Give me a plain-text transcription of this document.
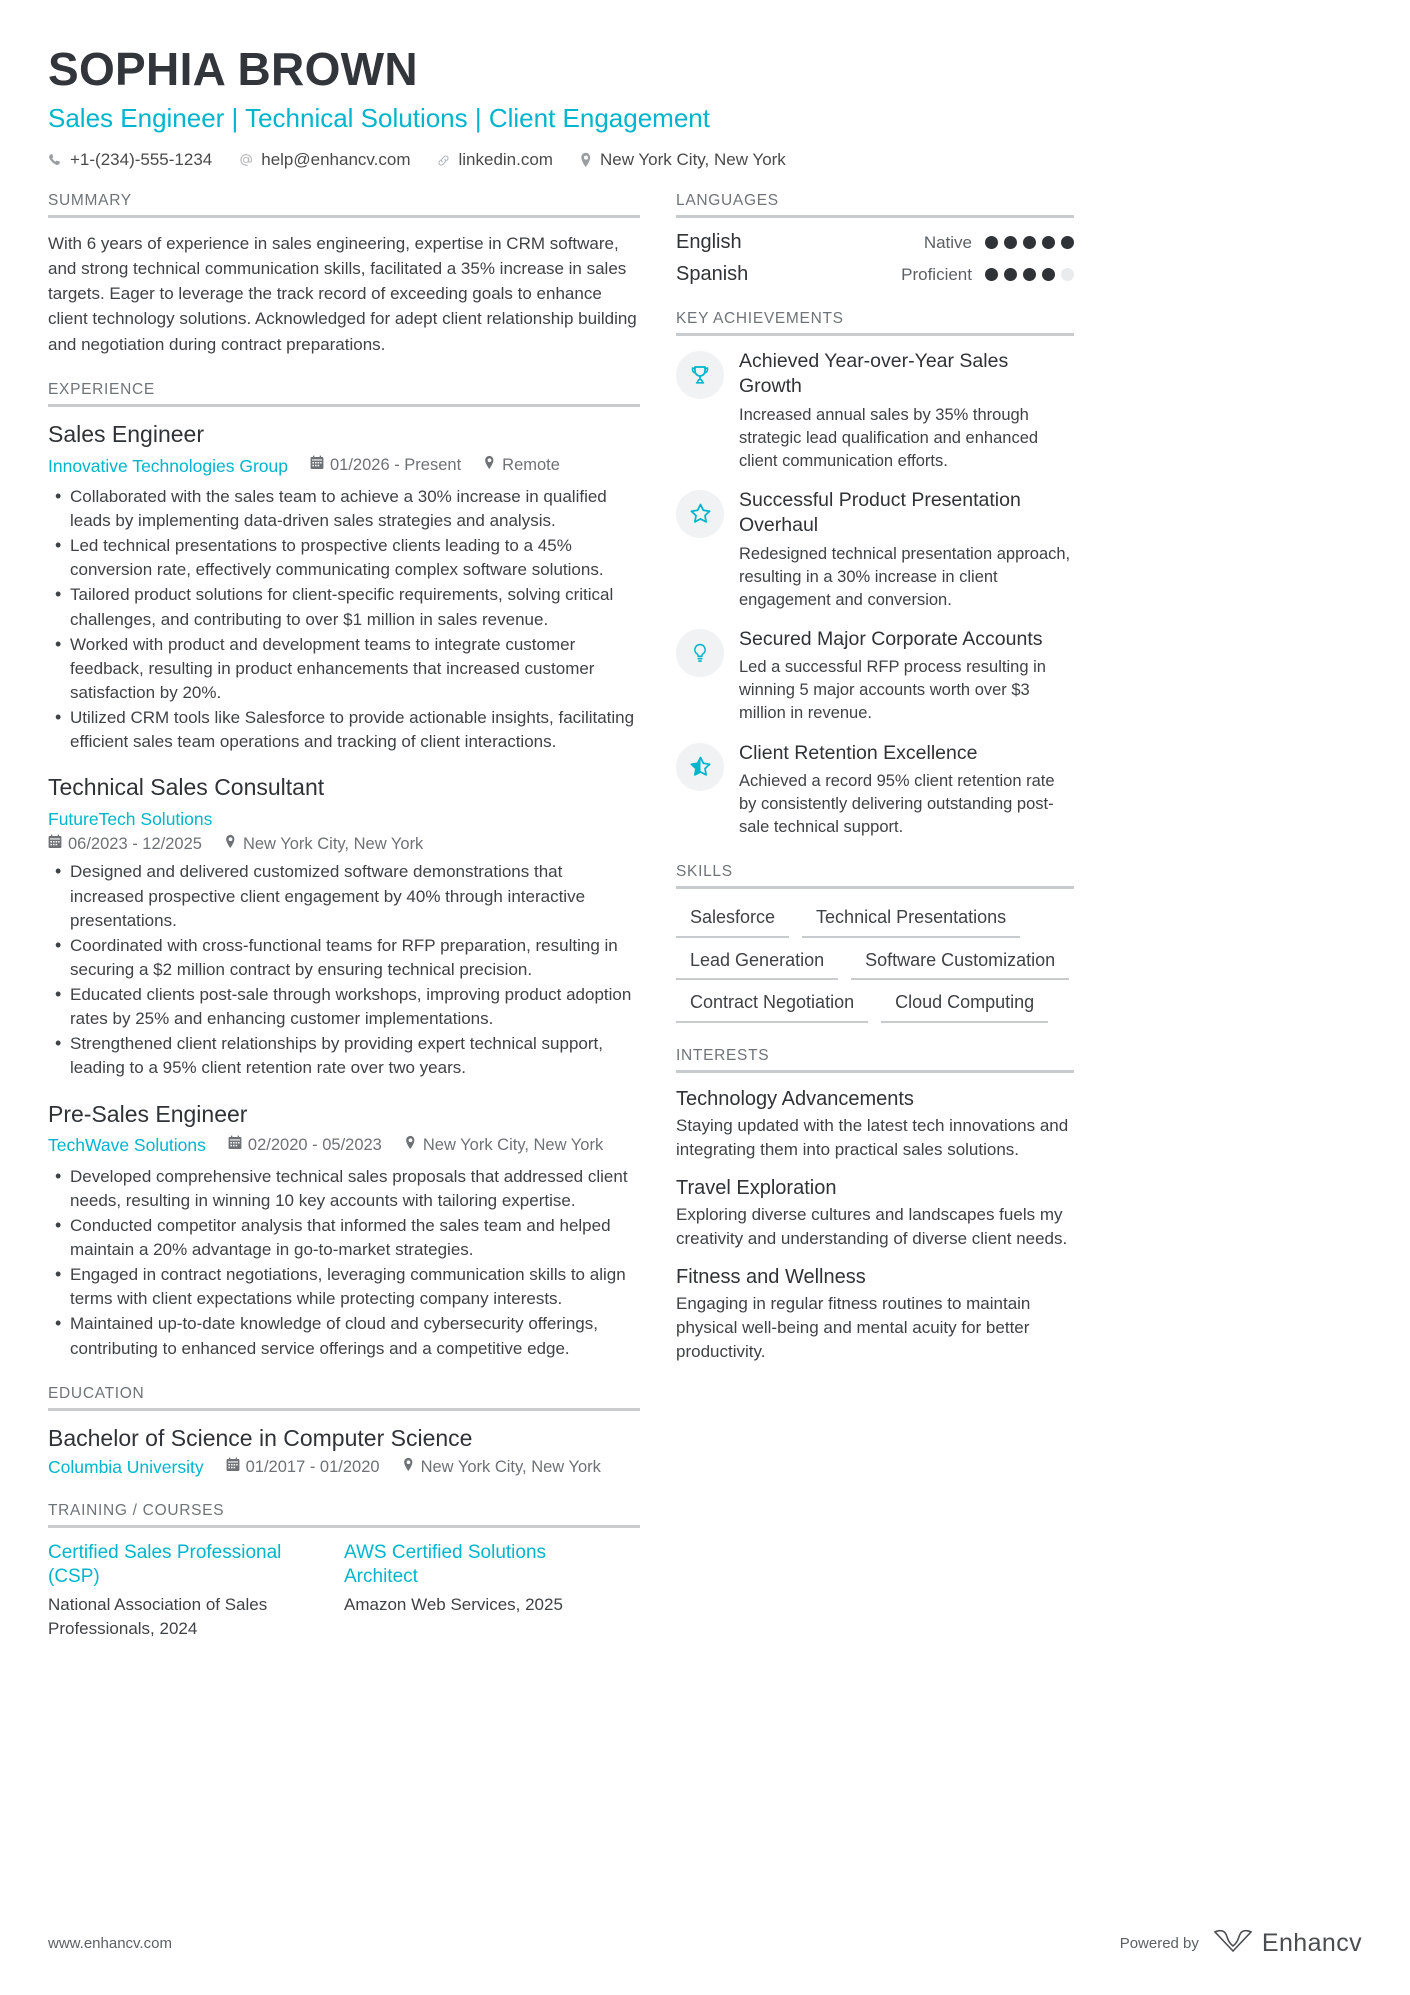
SOPHIA BROWN
Sales Engineer | Technical Solutions | Client Engagement
+1-(234)-555-1234	help@enhancv.com	linkedin.com	New York City, New York
SUMMARY
With 6 years of experience in sales engineering, expertise in CRM software, and strong technical communication skills, facilitated a 35% increase in sales targets. Eager to leverage the track record of exceeding goals to enhance client technology solutions. Acknowledged for adept client relationship building and negotiation during contract preparations.
EXPERIENCE
Sales Engineer
Innovative Technologies Group	01/2026 - Present Remote
• Collaborated with the sales team to achieve a 30% increase in qualified leads by implementing data-driven sales strategies and analysis.
• Led technical presentations to prospective clients leading to a 45% conversion rate, effectively communicating complex software solutions.
• Tailored product solutions for client-specific requirements, solving critical challenges, and contributing to over $1 million in sales revenue.
• Worked with product and development teams to integrate customer feedback, resulting in product enhancements that increased customer satisfaction by 20%.
• Utilized CRM tools like Salesforce to provide actionable insights, facilitating efficient sales team operations and tracking of client interactions.
Technical Sales Consultant
FutureTech Solutions
06/2023 - 12/2025 New York City, New York
• Designed and delivered customized software demonstrations that increased prospective client engagement by 40% through interactive presentations.
• Coordinated with cross-functional teams for RFP preparation, resulting in securing a $2 million contract by ensuring technical precision.
• Educated clients post-sale through workshops, improving product adoption rates by 25% and enhancing customer implementations.
• Strengthened client relationships by providing expert technical support, leading to a 95% client retention rate over two years.
Pre-Sales Engineer
TechWave Solutions	02/2020 - 05/2023 New York City, New York
• Developed comprehensive technical sales proposals that addressed client needs, resulting in winning 10 key accounts with tailoring expertise.
• Conducted competitor analysis that informed the sales team and helped maintain a 20% advantage in go-to-market strategies.
• Engaged in contract negotiations, leveraging communication skills to align terms with client expectations while protecting company interests.
• Maintained up-to-date knowledge of cloud and cybersecurity offerings, contributing to enhanced service offerings and a competitive edge.
EDUCATION
Bachelor of Science in Computer Science
Columbia University	01/2017 - 01/2020 New York City, New York
TRAINING / COURSES
Certified Sales Professional (CSP)
National Association of Sales Professionals, 2024
AWS Certified Solutions Architect
Amazon Web Services, 2025
LANGUAGES
English	Native
Spanish	Proficient
KEY ACHIEVEMENTS
Achieved Year-over-Year Sales Growth
Increased annual sales by 35% through strategic lead qualification and enhanced client communication efforts.
Successful Product Presentation Overhaul
Redesigned technical presentation approach, resulting in a 30% increase in client engagement and conversion.
Secured Major Corporate Accounts
Led a successful RFP process resulting in winning 5 major accounts worth over $3 million in revenue.
Client Retention Excellence
Achieved a record 95% client retention rate by consistently delivering outstanding post-sale technical support.
SKILLS
Salesforce	Technical Presentations
Lead Generation	Software Customization
Contract Negotiation	Cloud Computing
INTERESTS
Technology Advancements
Staying updated with the latest tech innovations and integrating them into practical sales solutions.
Travel Exploration
Exploring diverse cultures and landscapes fuels my creativity and understanding of diverse client needs.
Fitness and Wellness
Engaging in regular fitness routines to maintain physical well-being and mental acuity for better productivity.
www.enhancv.com	Powered by	Enhancv
